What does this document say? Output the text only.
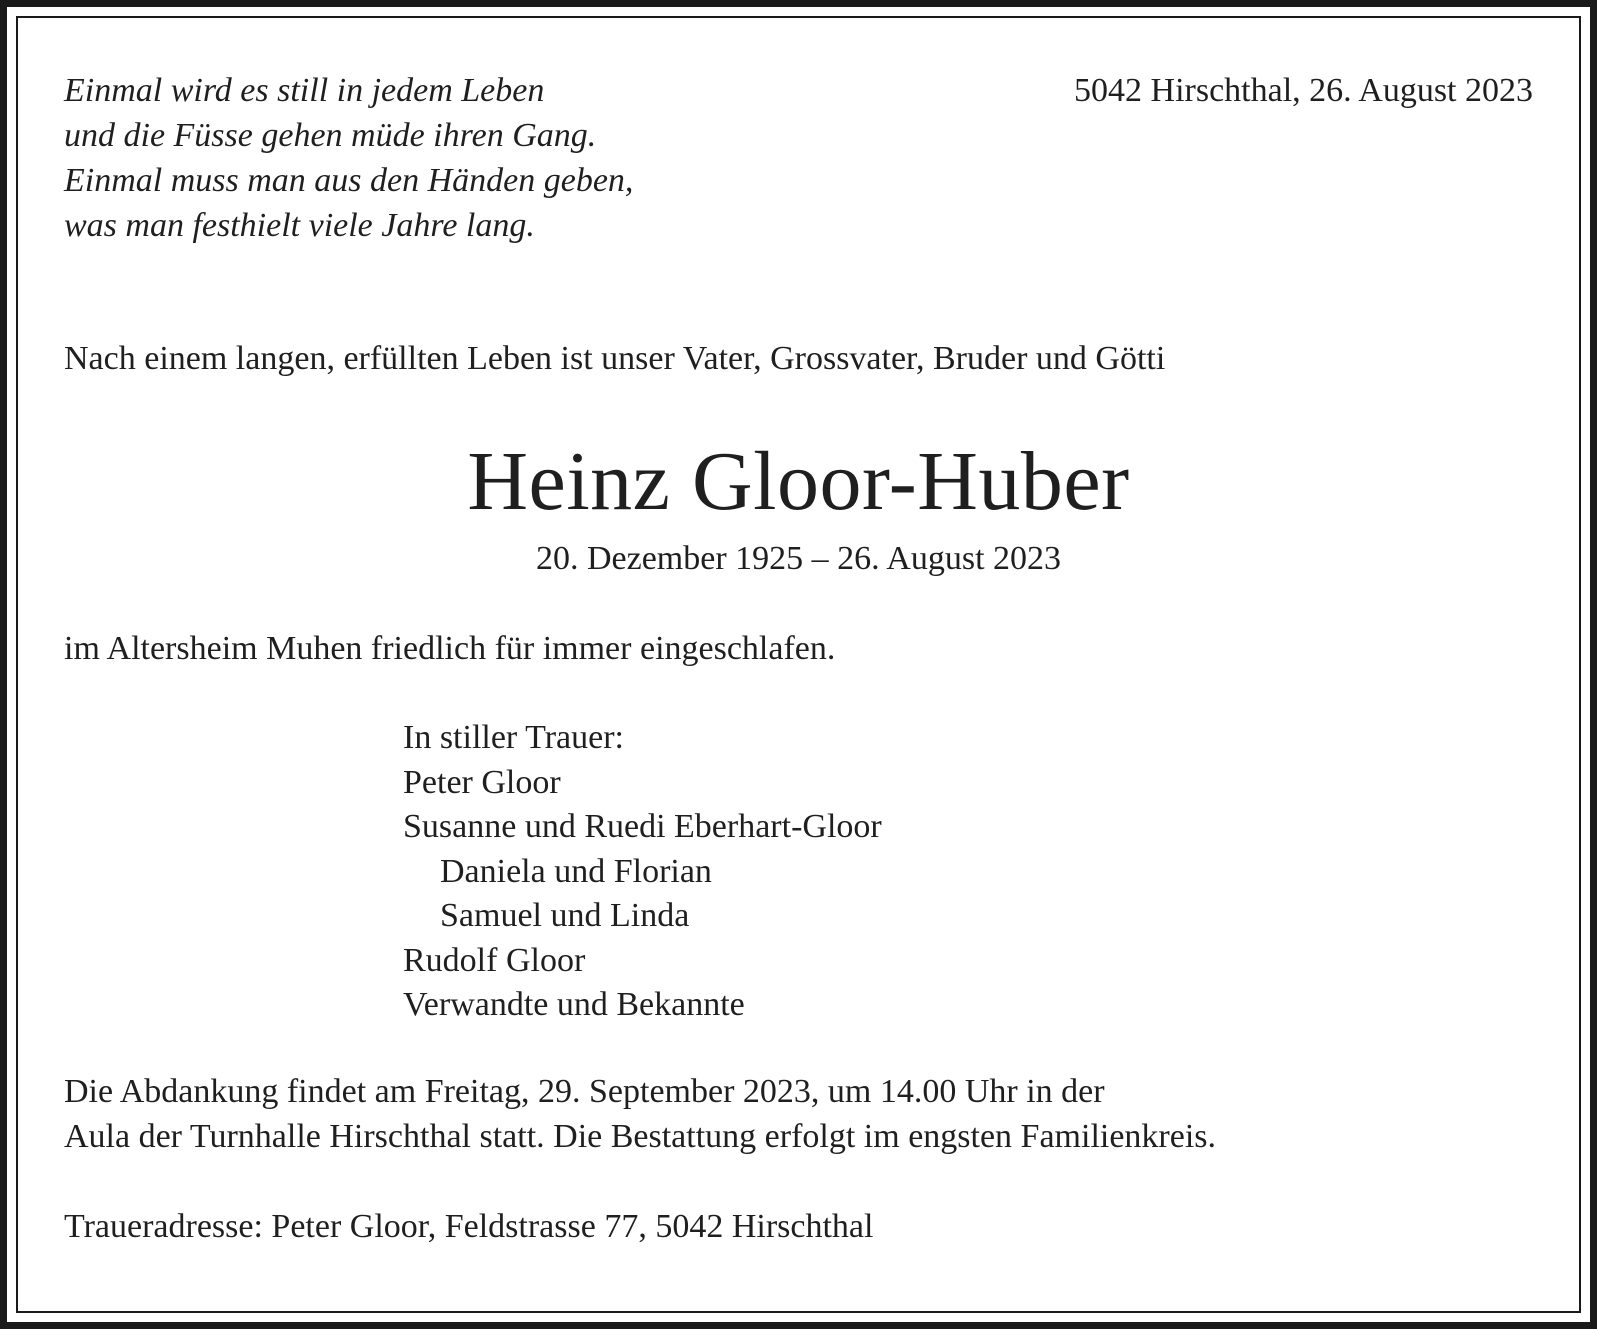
Einmal wird es still in jedem Leben
und die Füsse gehen müde ihren Gang.
Einmal muss man aus den Händen geben,
was man festhielt viele Jahre lang.

5042 Hirschthal, 26. August 2023

Nach einem langen, erfüllten Leben ist unser Vater, Grossvater, Bruder und Götti

Heinz Gloor-Huber

20. Dezember 1925 – 26. August 2023

im Altersheim Muhen friedlich für immer eingeschlafen.

In stiller Trauer:
Peter Gloor
Susanne und Ruedi Eberhart-Gloor
Daniela und Florian
Samuel und Linda
Rudolf Gloor
Verwandte und Bekannte
Die Abdankung findet am Freitag, 29. September 2023, um 14.00 Uhr in der
Aula der Turnhalle Hirschthal statt. Die Bestattung erfolgt im engsten Familienkreis.

Traueradresse: Peter Gloor, Feldstrasse 77, 5042 Hirschthal
